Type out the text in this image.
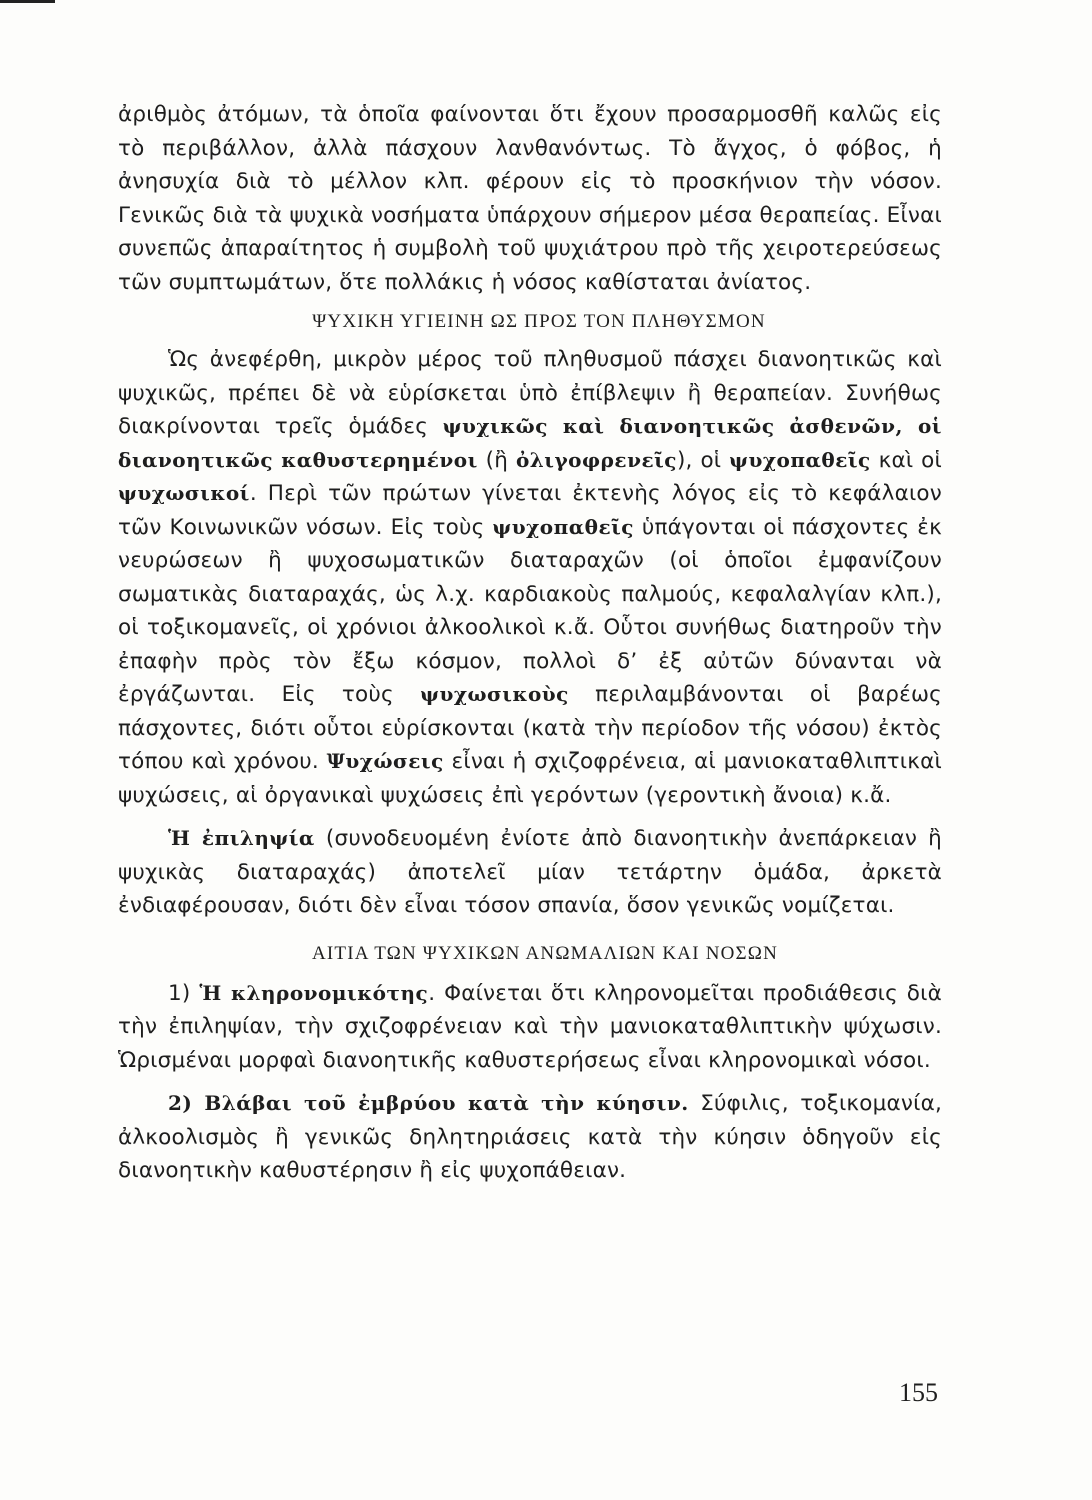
ἀριθμὸς ἀτόμων, τὰ ὁποῖα φαίνονται ὅτι ἔχουν προσαρμοσθῆ καλῶς εἰς τὸ περιβάλλον, ἀλλὰ πάσχουν λανθανόντως. Τὸ ἄγχος, ὁ φόβος, ἡ ἀνησυχία διὰ τὸ μέλλον κλπ. φέρουν εἰς τὸ προσκήνιον τὴν νόσον. Γενικῶς διὰ τὰ ψυχικὰ νοσήματα ὑπάρχουν σήμερον μέσα θεραπείας. Εἶναι συνεπῶς ἀπαραίτητος ἡ συμβολὴ τοῦ ψυχιάτρου πρὸ τῆς χειροτερεύσεως τῶν συμπτωμάτων, ὅτε πολλάκις ἡ νόσος καθίσταται ἀνίατος.

ΨΥΧΙΚΗ ΥΓΙΕΙΝΗ ΩΣ ΠΡΟΣ ΤΟΝ ΠΛΗΘΥΣΜΟΝ

Ὡς ἀνεφέρθη, μικρὸν μέρος τοῦ πληθυσμοῦ πάσχει διανοητικῶς καὶ ψυχικῶς, πρέπει δὲ νὰ εὑρίσκεται ὑπὸ ἐπίβλεψιν ἢ θεραπείαν. Συνήθως διακρίνονται τρεῖς ὁμάδες ψυχικῶς καὶ διανοητικῶς ἀσθενῶν, οἱ διανοητικῶς καθυστερημένοι (ἢ ὀλιγοφρενεῖς), οἱ ψυχοπαθεῖς καὶ οἱ ψυχωσικοί. Περὶ τῶν πρώτων γίνεται ἐκτενὴς λόγος εἰς τὸ κεφάλαιον τῶν Κοινωνικῶν νόσων. Εἰς τοὺς ψυχοπαθεῖς ὑπάγονται οἱ πάσχοντες ἐκ νευρώσεων ἢ ψυχοσωματικῶν διαταραχῶν (οἱ ὁποῖοι ἐμφανίζουν σωματικὰς διαταραχάς, ὡς λ.χ. καρδιακοὺς παλμούς, κεφαλαλγίαν κλπ.), οἱ τοξικομανεῖς, οἱ χρόνιοι ἀλκοολικοὶ κ.ἄ. Οὗτοι συνήθως διατηροῦν τὴν ἐπαφὴν πρὸς τὸν ἔξω κόσμον, πολλοὶ δ’ ἐξ αὐτῶν δύνανται νὰ ἐργάζωνται. Εἰς τοὺς ψυχωσικοὺς περιλαμβάνονται οἱ βαρέως πάσχοντες, διότι οὗτοι εὑρίσκονται (κατὰ τὴν περίοδον τῆς νόσου) ἐκτὸς τόπου καὶ χρόνου. Ψυχώσεις εἶναι ἡ σχιζοφρένεια, αἱ μανιοκαταθλιπτικαὶ ψυχώσεις, αἱ ὀργανικαὶ ψυχώσεις ἐπὶ γερόντων (γεροντικὴ ἄνοια) κ.ἄ.

Ἡ ἐπιληψία (συνοδευομένη ἐνίοτε ἀπὸ διανοητικὴν ἀνεπάρκειαν ἢ ψυχικὰς διαταραχάς) ἀποτελεῖ μίαν τετάρτην ὁμάδα, ἀρκετὰ ἐνδιαφέρουσαν, διότι δὲν εἶναι τόσον σπανία, ὅσον γενικῶς νομίζεται.

ΑΙΤΙΑ ΤΩΝ ΨΥΧΙΚΩΝ ΑΝΩΜΑΛΙΩΝ ΚΑΙ ΝΟΣΩΝ

1) Ἡ κληρονομικότης. Φαίνεται ὅτι κληρονομεῖται προδιάθεσις διὰ τὴν ἐπιληψίαν, τὴν σχιζοφρένειαν καὶ τὴν μανιοκαταθλιπτικὴν ψύχωσιν. Ὡρισμέναι μορφαὶ διανοητικῆς καθυστερήσεως εἶναι κληρονομικαὶ νόσοι.

2) Βλάβαι τοῦ ἐμβρύου κατὰ τὴν κύησιν. Σύφιλις, τοξικομανία, ἀλκοολισμὸς ἢ γενικῶς δηλητηριάσεις κατὰ τὴν κύησιν ὁδηγοῦν εἰς διανοητικὴν καθυστέρησιν ἢ εἰς ψυχοπάθειαν.

155
